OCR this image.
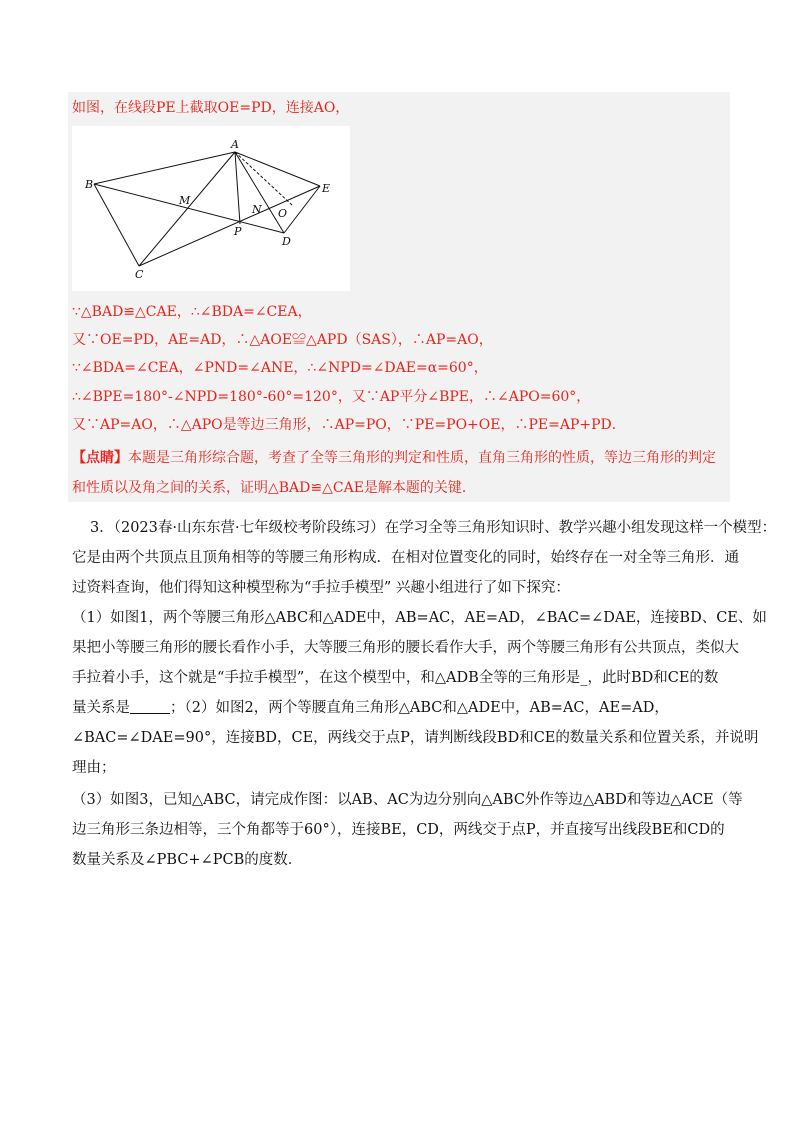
如图，在线段PE上截取OE=PD，连接AO，
A
B
C
D
E
M
N O
P
∵△BAD≌△CAE，∴∠BDA=∠CEA，
又∵OE=PD，AE=AD，∴△AOE≌△APD（SAS），∴AP=AO，
∵∠BDA=∠CEA，∠PND=∠ANE，∴∠NPD=∠DAE=α=60°，
∴∠BPE=180°-∠NPD=180°-60°=120°，又∵AP平分∠BPE，∴∠APO=60°，
又∵AP=AO，∴△APO是等边三角形，∴AP=PO，∵PE=PO+OE，∴PE=AP+PD．
【点睛】本题是三角形综合题，考查了全等三角形的判定和性质，直角三角形的性质，等边三角形的判定
和性质以及角之间的关系，证明△BAD≌△CAE是解本题的关键．
3．（2023春·山东东营·七年级校考阶段练习）在学习全等三角形知识时、教学兴趣小组发现这样一个模型：
它是由两个共顶点且顶角相等的等腰三角形构成．在相对位置变化的同时，始终存在一对全等三角形．通
过资料查询，他们得知这种模型称为“手拉手模型” 兴趣小组进行了如下探究：
（1）如图1，两个等腰三角形△ABC和△ADE中，AB=AC，AE=AD，∠BAC=∠DAE，连接BD、CE、如
果把小等腰三角形的腰长看作小手，大等腰三角形的腰长看作大手，两个等腰三角形有公共顶点，类似大
手拉着小手，这个就是“手拉手模型”，在这个模型中，和△ADB全等的三角形是_，此时BD和CE的数
量关系是	；（2）如图2，两个等腰直角三角形△ABC和△ADE中，AB=AC，AE=AD，
∠BAC=∠DAE=90°，连接BD，CE，两线交于点P，请判断线段BD和CE的数量关系和位置关系，并说明
理由；
（3）如图3，已知△ABC，请完成作图：以AB、AC为边分别向△ABC外作等边△ABD和等边△ACE（等
边三角形三条边相等，三个角都等于60°），连接BE，CD，两线交于点P，并直接写出线段BE和CD的
数量关系及∠PBC+∠PCB的度数．
